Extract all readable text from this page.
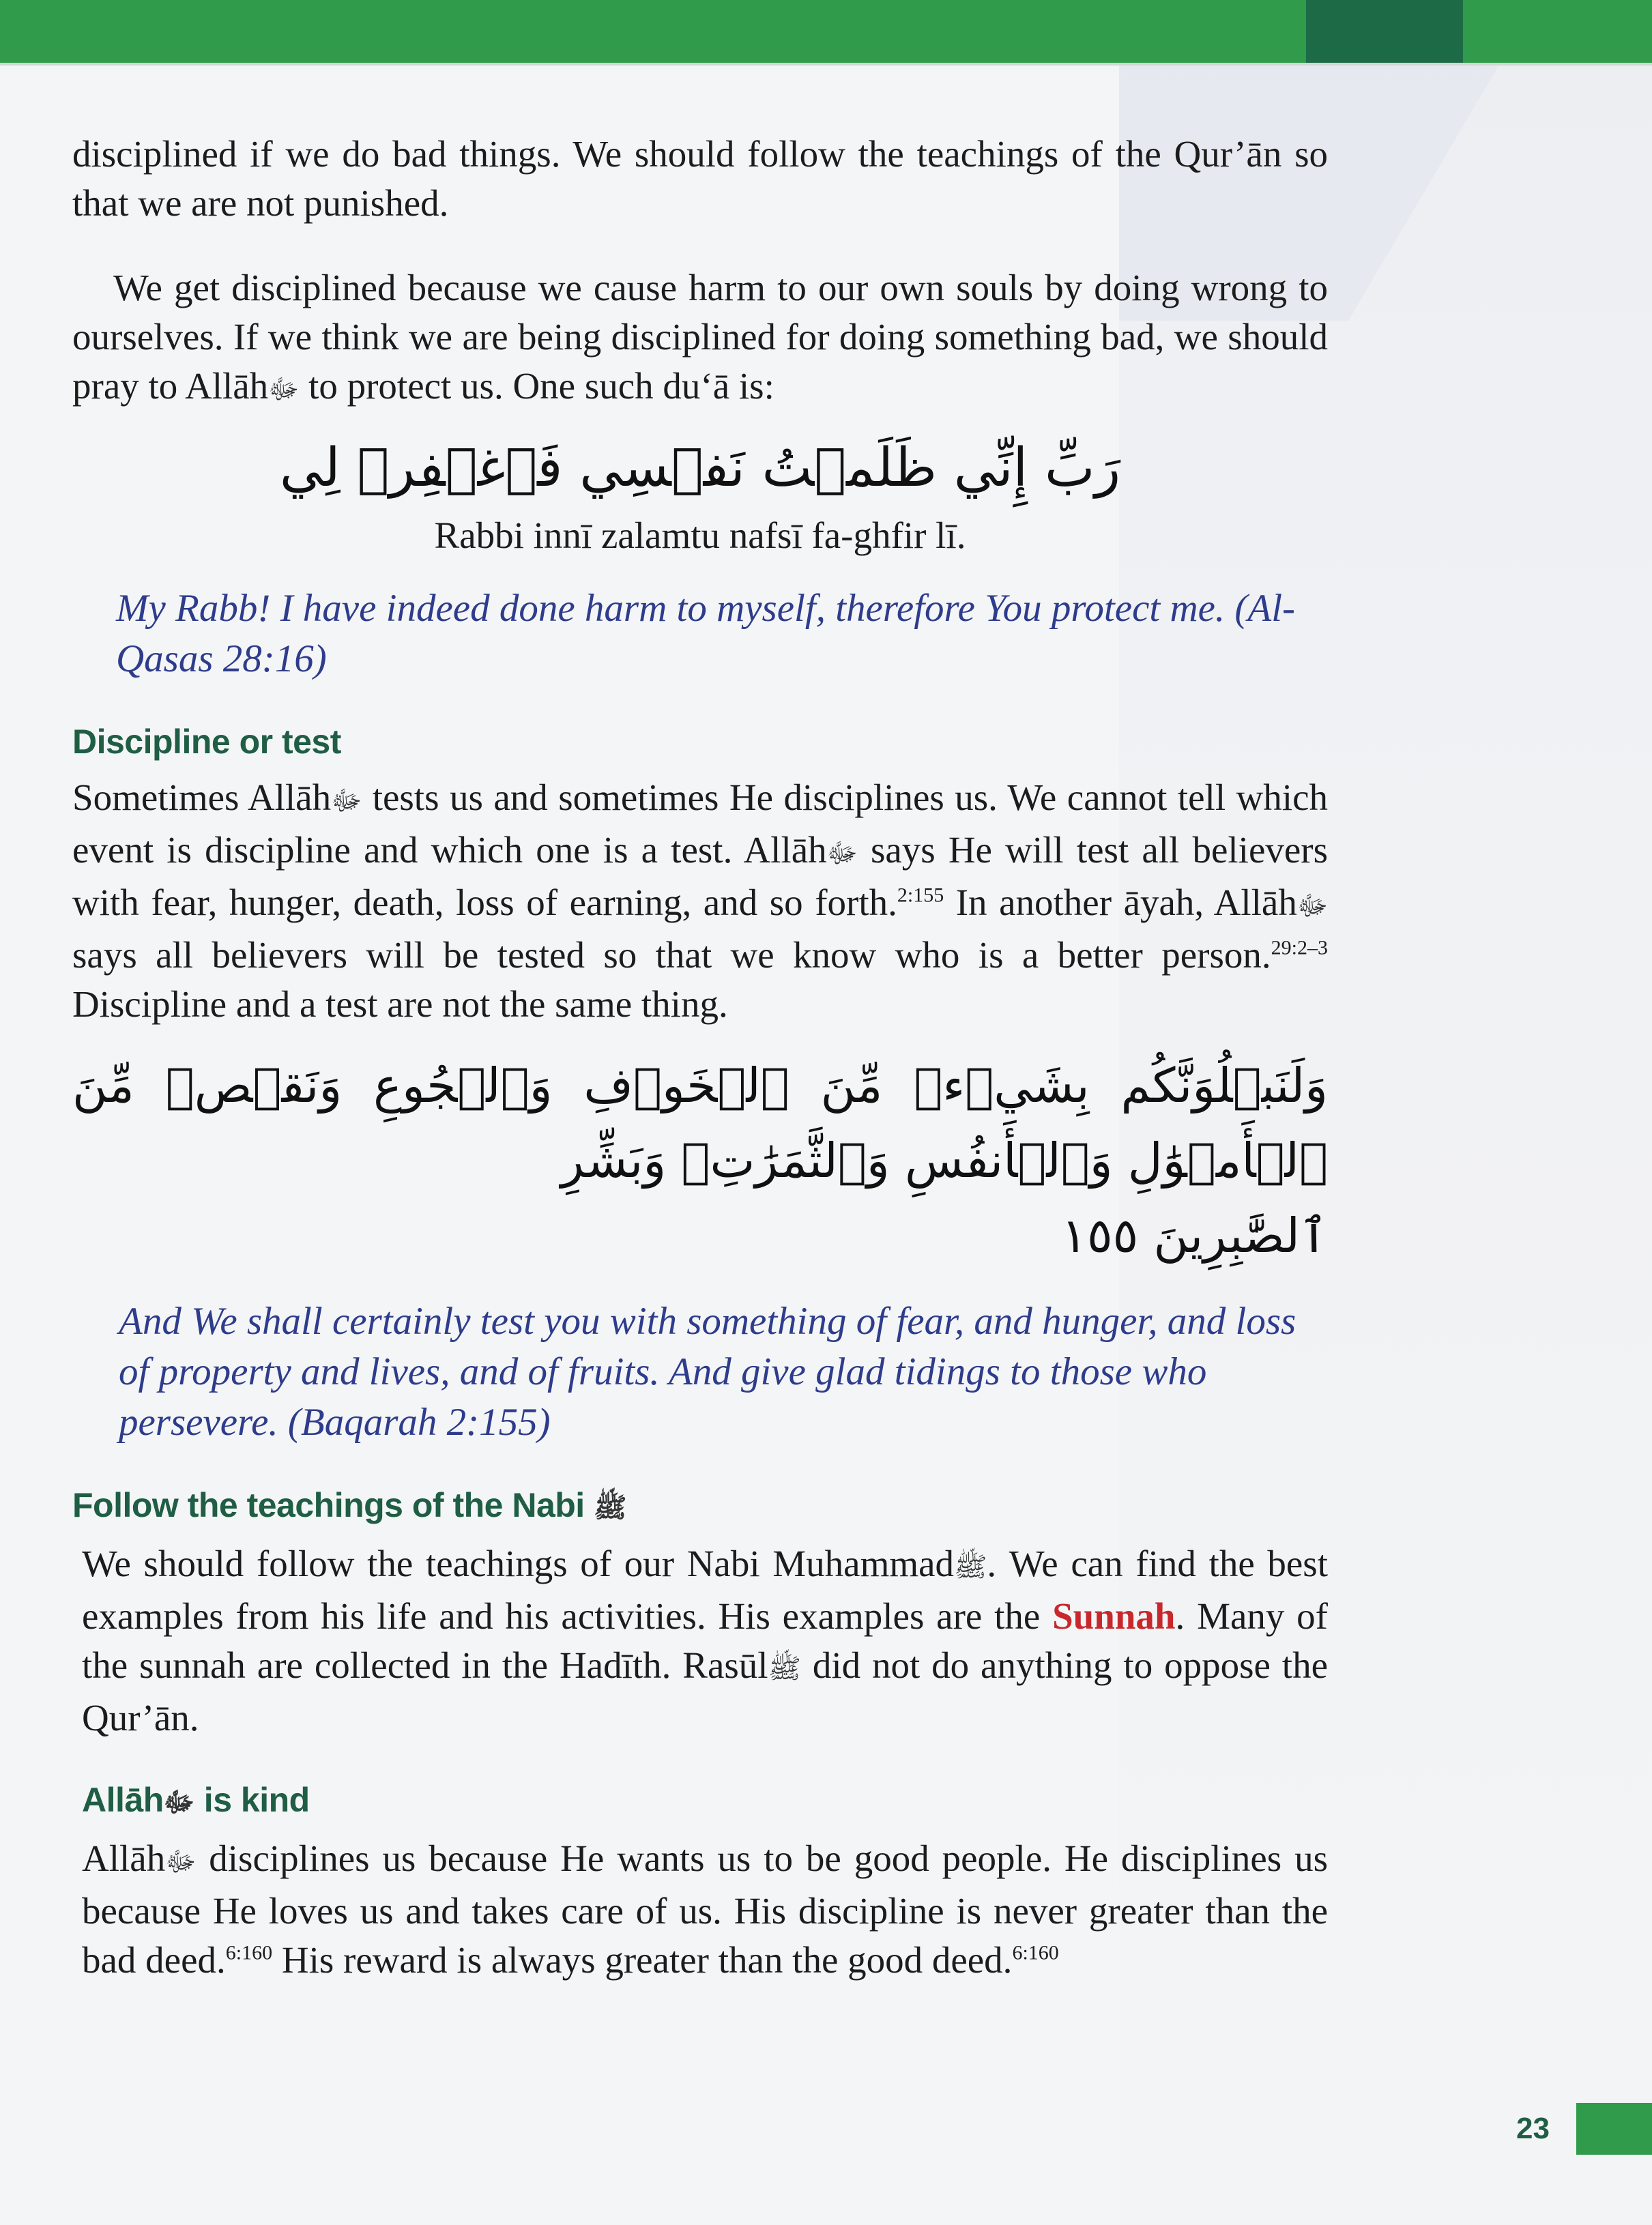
disciplined if we do bad things. We should follow the teachings of the Qur’ān so that we are not punished.

We get disciplined because we cause harm to our own souls by doing wrong to ourselves. If we think we are being disciplined for doing something bad, we should pray to Allāhﷻ to protect us. One such du‘ā is:

رَبِّ إِنِّي ظَلَمۡتُ نَفۡسِي فَٱغۡفِرۡ لِي

Rabbi innī zalamtu nafsī fa-ghfir lī.

My Rabb! I have indeed done harm to myself, therefore You protect me. (Al-Qasas 28:16)

Discipline or test

Sometimes Allāhﷻ tests us and sometimes He disciplines us. We cannot tell which event is discipline and which one is a test. Allāhﷻ says He will test all believers with fear, hunger, death, loss of earning, and so forth.$^{2:155}$ In another āyah, Allāhﷻ says all believers will be tested so that we know who is a better person.$^{29:2-3}$ Discipline and a test are not the same thing.

وَلَنَبۡلُوَنَّكُم بِشَيۡءٖ مِّنَ ٱلۡخَوۡفِ وَٱلۡجُوعِ وَنَقۡصٖ مِّنَ ٱلۡأَمۡوَٰلِ وَٱلۡأَنفُسِ وَٱلثَّمَرَٰتِۗ وَبَشِّرِ
ٱلصَّٰبِرِينَ ١٥٥

And We shall certainly test you with something of fear, and hunger, and loss of property and lives, and of fruits. And give glad tidings to those who persevere. (Baqarah 2:155)

Follow the teachings of the Nabi ﷺ

We should follow the teachings of our Nabi Muhammadﷺ. We can find the best examples from his life and his activities. His examples are the Sunnah. Many of the sunnah are collected in the Hadīth. Rasūlﷺ did not do anything to oppose the Qur’ān.

Allāhﷻ is kind

Allāhﷻ disciplines us because He wants us to be good people. He disciplines us because He loves us and takes care of us. His discipline is never greater than the bad deed.$^{6:160}$ His reward is always greater than the good deed.$^{6:160}$

23
